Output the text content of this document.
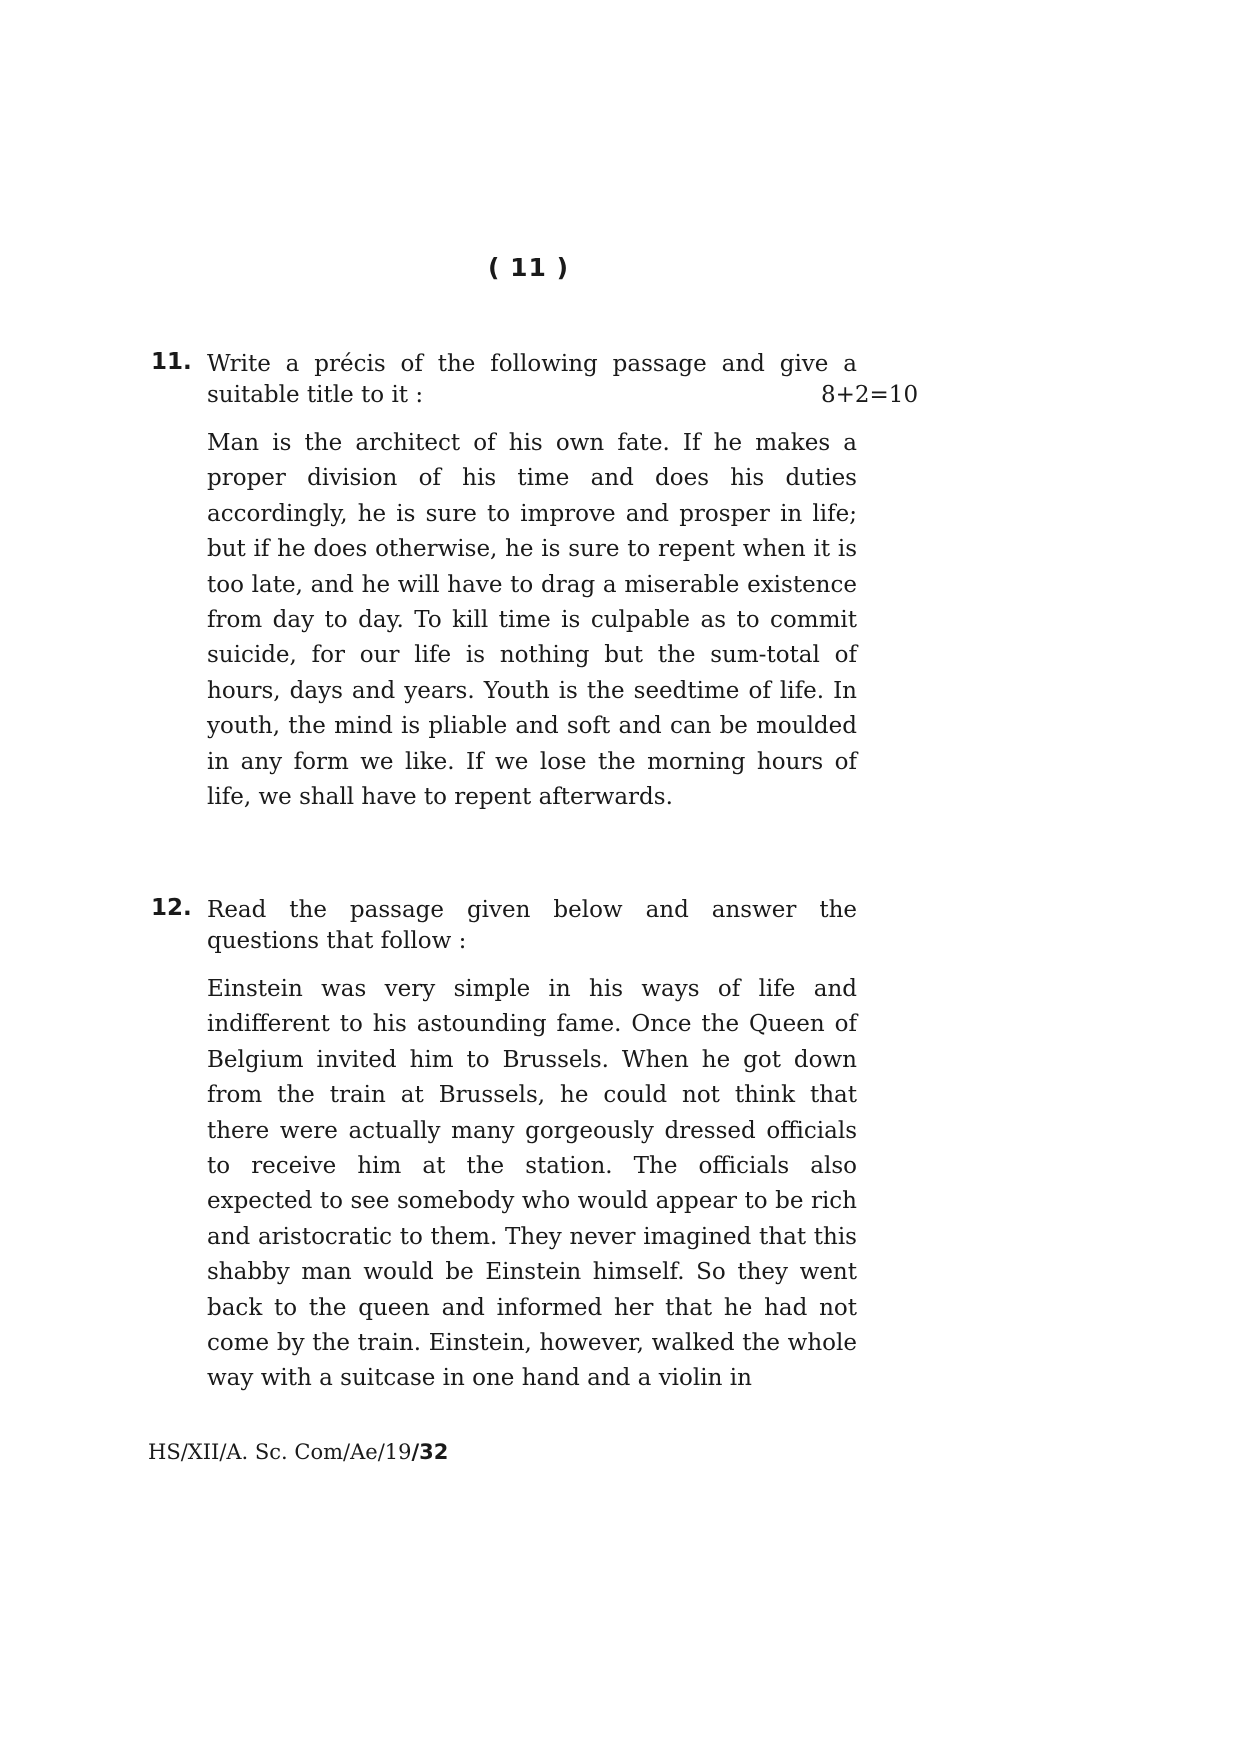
( 11 )
11. Write a précis of the following passage and give a suitable title to it :	8+2=10
Man is the architect of his own fate. If he makes a proper division of his time and does his duties accordingly, he is sure to improve and prosper in life; but if he does otherwise, he is sure to repent when it is too late, and he will have to drag a miserable existence from day to day. To kill time is culpable as to commit suicide, for our life is nothing but the sum-total of hours, days and years. Youth is the seedtime of life. In youth, the mind is pliable and soft and can be moulded in any form we like. If we lose the morning hours of life, we shall have to repent afterwards.
12. Read the passage given below and answer the questions that follow :
Einstein was very simple in his ways of life and indifferent to his astounding fame. Once the Queen of Belgium invited him to Brussels. When he got down from the train at Brussels, he could not think that there were actually many gorgeously dressed officials to receive him at the station. The officials also expected to see somebody who would appear to be rich and aristocratic to them. They never imagined that this shabby man would be Einstein himself. So they went back to the queen and informed her that he had not come by the train. Einstein, however, walked the whole way with a suitcase in one hand and a violin in
HS/XII/A. Sc. Com/Ae/19/32
